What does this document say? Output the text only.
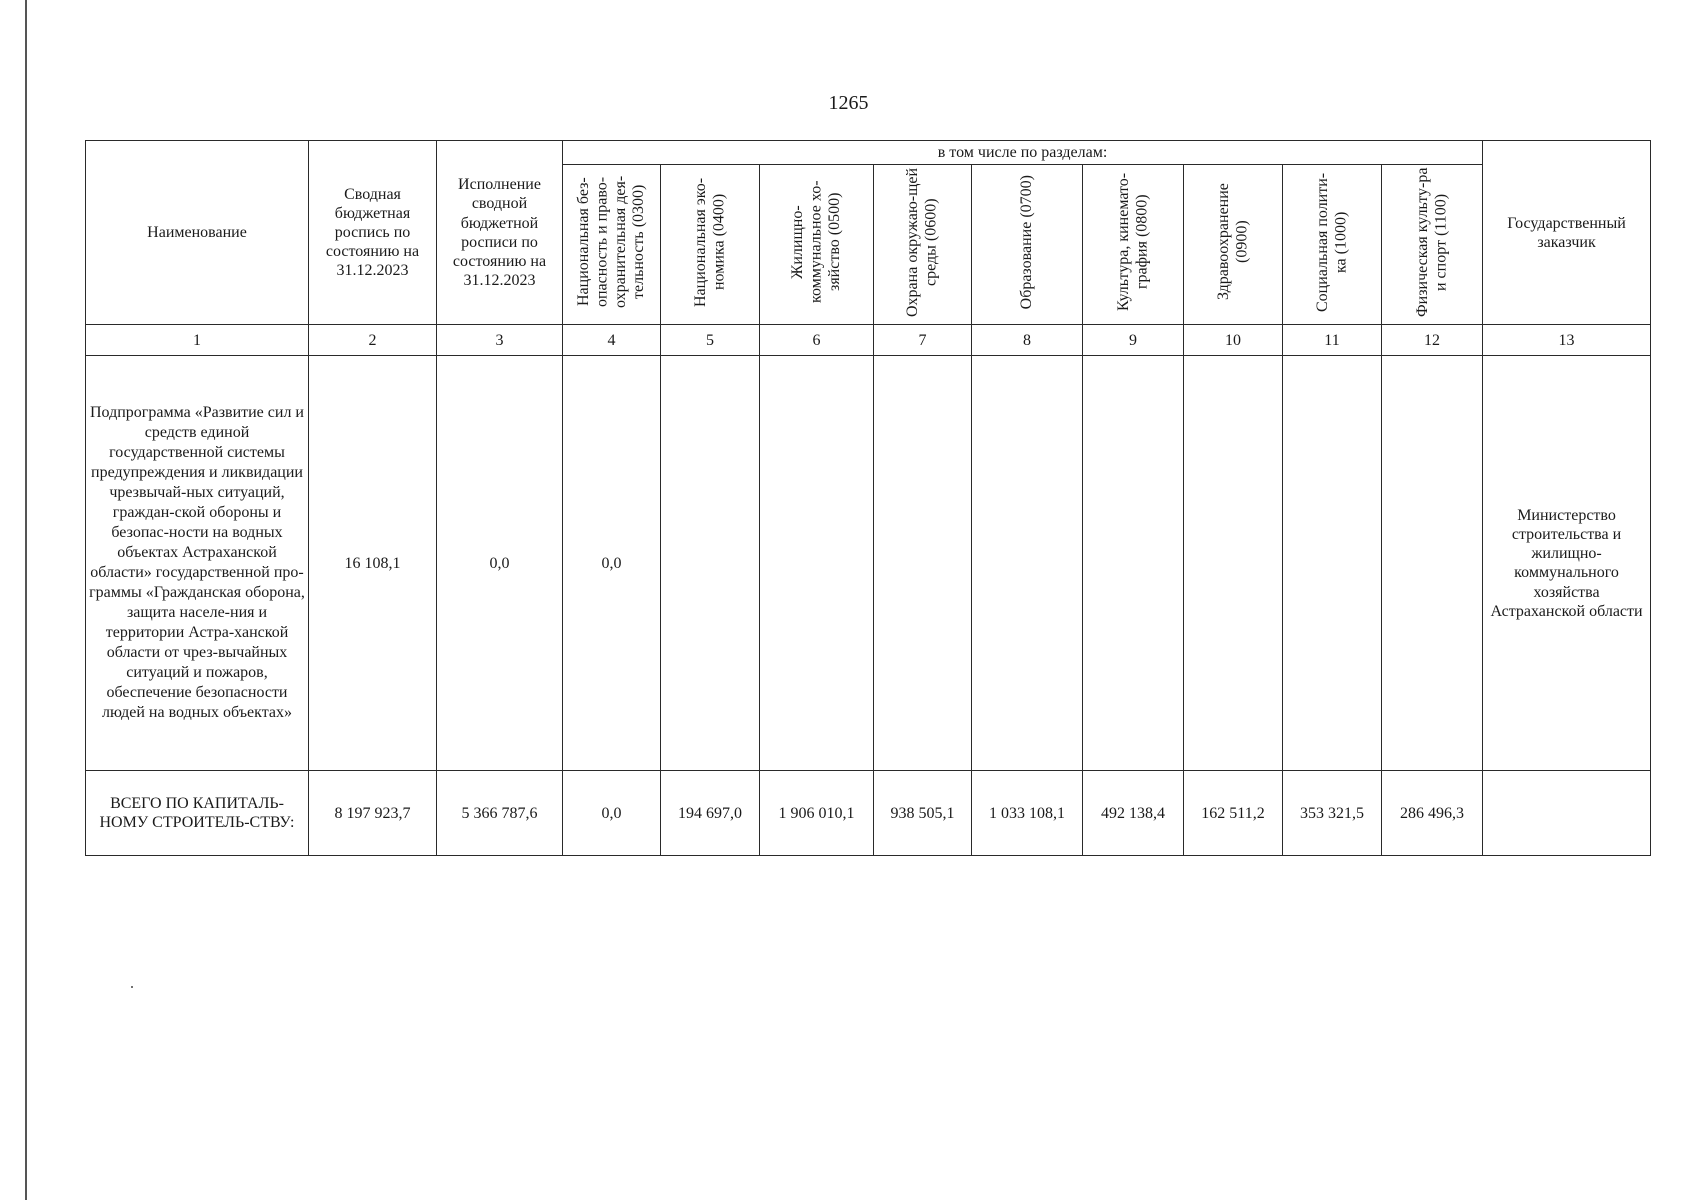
1265
Наименование	Сводная бюджетная роспись по состоянию на 31.12.2023	Исполнение сводной бюджетной росписи по состоянию на 31.12.2023	в том числе по разделам:									Государственный заказчик
			Национальная без-опасность и право-охранительная дея-тельность (0300)	Национальная эко-номика (0400)	Жилищно-коммунальное хо-зяйство (0500)	Охрана окружаю-щей среды (0600)	Образование (0700)	Культура, кинемато-графия (0800)	Здравоохранение (0900)	Социальная полити-ка (1000)	Физическая культу-ра и спорт (1100)	
1	2	3	4	5	6	7	8	9	10	11	12	13
Подпрограмма «Развитие сил и средств единой государственной системы предупреждения и ликвидации чрезвычай-ных ситуаций, граждан-ской обороны и безопас-ности на водных объектах Астраханской области» государственной про-граммы «Гражданская оборона, защита населе-ния и территории Астра-ханской области от чрез-вычайных ситуаций и пожаров, обеспечение безопасности людей на водных объектах»	16 108,1	0,0	0,0									Министерство строительства и жилищно-коммунального хозяйства Астраханской области
ВСЕГО ПО КАПИТАЛЬ-НОМУ СТРОИТЕЛЬ-СТВУ:	8 197 923,7	5 366 787,6	0,0	194 697,0	1 906 010,1	938 505,1	1 033 108,1	492 138,4	162 511,2	353 321,5	286 496,3	
